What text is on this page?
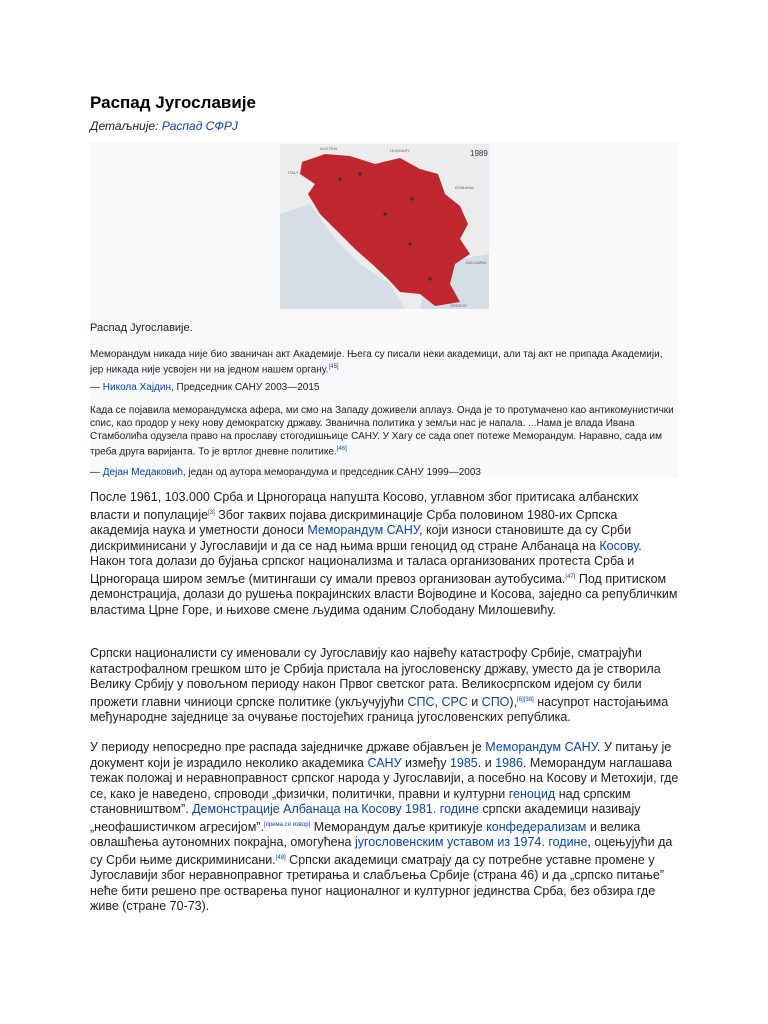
Распад Југославије
Детаљније: Распад СФРЈ
1989
AUSTRIA	HUNGARY
ROMANIA
ITALY
BULGARIA
GREECE
Распад Југославије.
Меморандум никада није био званичан акт Академије. Њега су писали неки академици, али тај акт не припада Академији, јер никада није усвојен ни на једном нашем органу.[45]
— Никола Хајдин, Председник САНУ 2003—2015
Када се појавила меморандумска афера, ми смо на Западу доживели аплауз. Онда је то протумачено као антикомунистички спис, као продор у неку нову демократску државу. Званична политика у земљи нас је напала. ...Нама је влада Ивана Стамболића одузела право на прославу стогодишњице САНУ. У Хагу се сада опет потеже Меморандум. Наравно, сада им треба друга варијанта. То је вртлог дневне политике.[46]
— Дејан Медаковић, један од аутора меморандума и председник САНУ 1999—2003

После 1961, 103.000 Срба и Црногораца напушта Косово, углавном због притисака албанских власти и популације[3] Због таквих појава дискриминације Срба половином 1980-их Српска академија наука и уметности доноси Меморандум САНУ, који износи становиште да су Срби дискриминисани у Југославији и да се над њима врши геноцид од стране Албанаца на Косову. Након тога долази до бујања српског национализма и таласа организованих протеста Срба и Црногораца широм земље (митингаши су имали превоз организован аутобусима.[47] Под притиском демонстрација, долази до рушења покрајинских власти Војводине и Косова, заједно са републичким властима Црне Горе, и њихове смене људима оданим Слободану Милошевићу.

Српски националисти су именовали су Југославију као највећу катастрофу Србије, сматрајући катастрофалном грешком што је Србија пристала на југословенску државу, уместо да је створила Велику Србију у повољном периоду након Првог светског рата. Великосрпском идејом су били прожети главни чиниоци српске политике (укључујући СПС, СРС и СПО),[6][38] насупрот настојањима међународне заједнице за очување постојећих граница југословенских република.

У периоду непосредно пре распада заједничке државе објављен је Меморандум САНУ. У питању је документ који је израдило неколико академика САНУ између 1985. и 1986. Меморандум наглашава тежак положај и неравноправност српског народа у Југославији, а посебно на Косову и Метохији, где се, како је наведено, спроводи „физички, политички, правни и културни геноцид над српским становништвом”. Демонстрације Албанаца на Косову 1981. године српски академици називају „неофашистичком агресијом”.[према се извор] Меморандум даље критикује конфедерализам и велика овлашћења аутономних покрајна, омогућена југословенским уставом из 1974. године, оцењујући да су Срби њиме дискриминисани.[48] Српски академици сматрају да су потребне уставне промене у Југославији због неравноправног третирања и слабљења Србије (страна 46) и да „српско питање” неће бити решено пре остварења пуног националног и културног јединства Срба, без обзира где живе (стране 70-73).
